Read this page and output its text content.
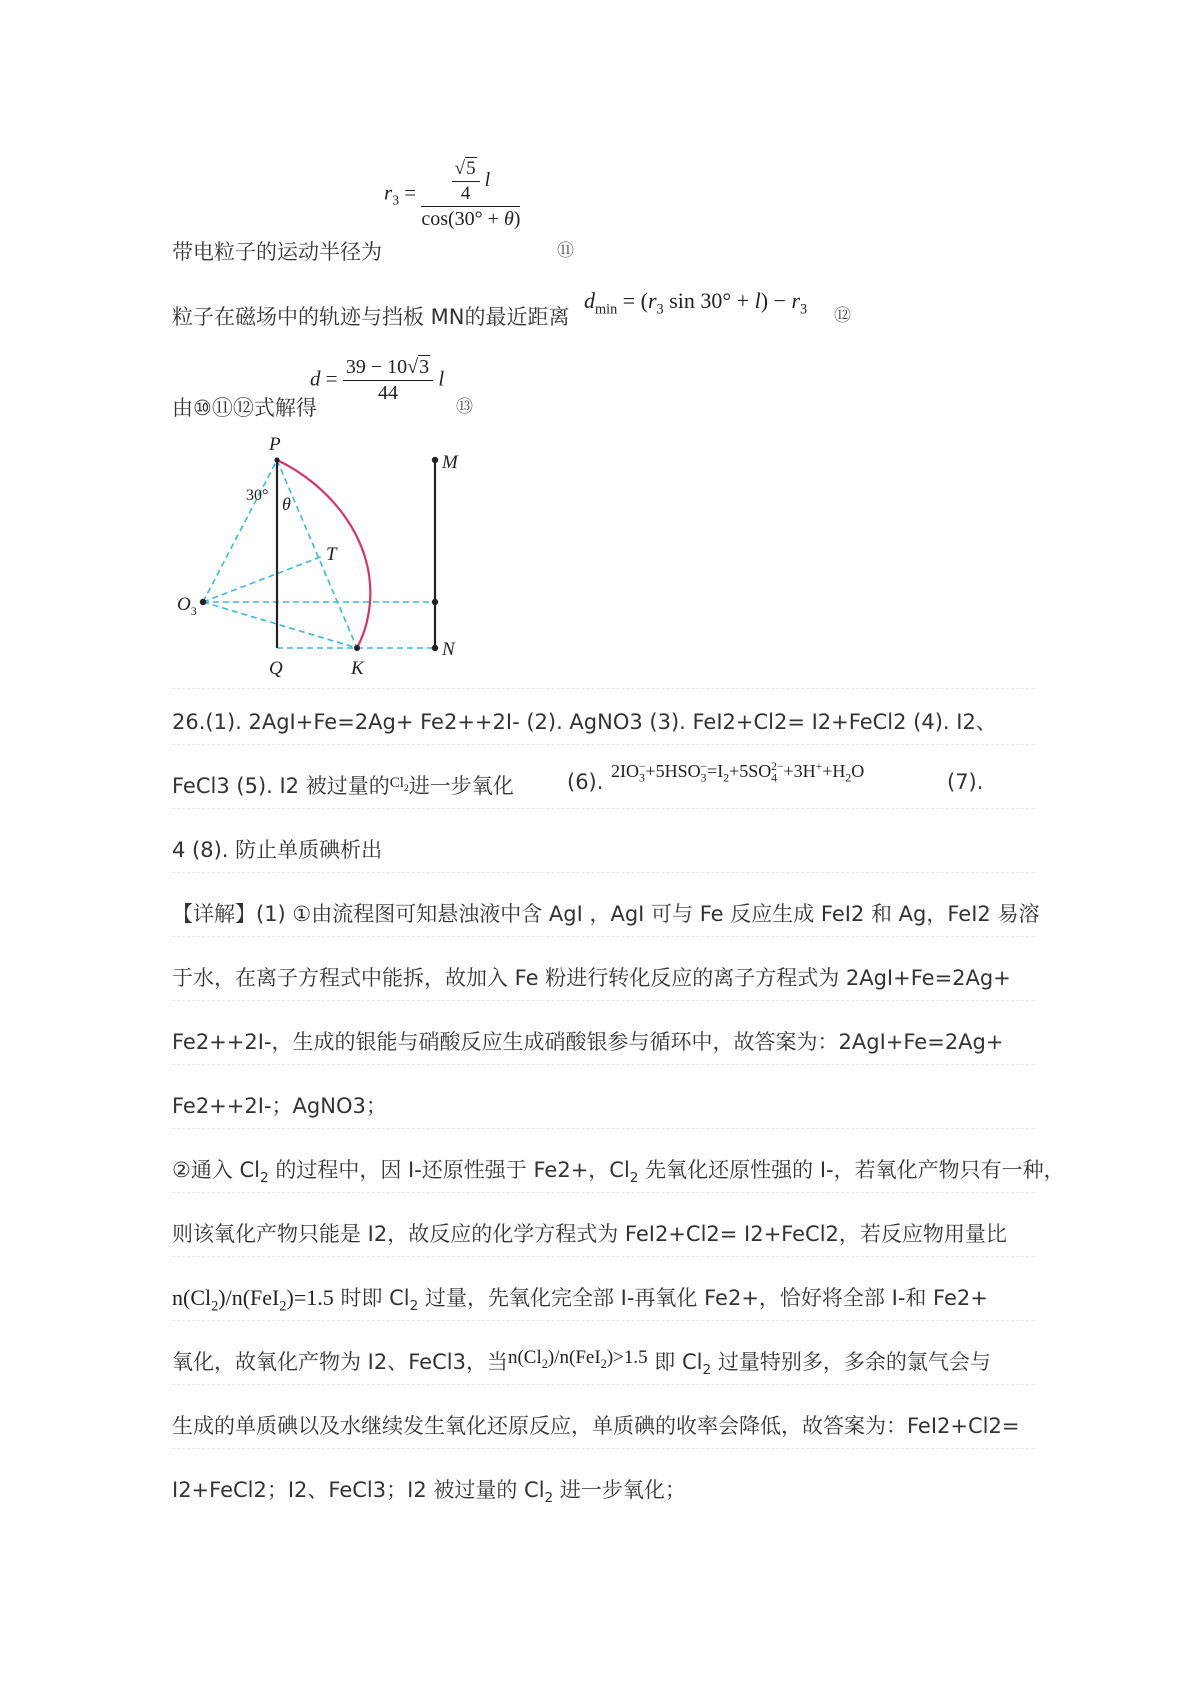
带电粒子的运动半径为
$r_3 = \frac{\frac{√5}{4} l}{\cos(30^\circ + \theta)}$
⑪
粒子在磁场中的轨迹与挡板 MN的最近距离
$d_{min} = (r_3$ $\sin 30^\circ + l) - r_3$ ⑫
由⑩⑪⑫式解得
$d = \frac{39 - 10√3}{44}$ l
⑬
P
M
T
$O_3$
Q	K
N
30° θ
26.(1). 2AgI+Fe=2Ag+ Fe2++2I- (2). AgNO3 (3). FeI2+Cl2= I2+FeCl2 (4). I2、
FeCl3 (5). I2 被过量的$^{Cl_2}$进一步氧化	(6). $2IO_3^-+5HSO_3^-=I_2+5SO_4^{2-}+3H^++H_2O$	(7).
4 (8). 防止单质碘析出
【详解】(1) ①由流程图可知悬浊液中含 AgI ，AgI 可与 Fe 反应生成 FeI2 和 Ag，FeI2 易溶
于水，在离子方程式中能拆，故加入 Fe 粉进行转化反应的离子方程式为 2AgI+Fe=2Ag+
Fe2++2I-，生成的银能与硝酸反应生成硝酸银参与循环中，故答案为：2AgI+Fe=2Ag+
Fe2++2I-；AgNO3；
②通入 $Cl_2$ 的过程中，因 I-还原性强于 Fe2+，$Cl_2$ 先氧化还原性强的 I-，若氧化产物只有一种，
则该氧化产物只能是 I2，故反应的化学方程式为 FeI2+Cl2= I2+FeCl2，若反应物用量比
$n(Cl_2)/n(FeI_2)=1.5$ 时即 $Cl_2$ 过量，先氧化完全部 I-再氧化 Fe2+，恰好将全部 I-和 Fe2+
氧化，故氧化产物为 I2、FeCl3，当$n(Cl_2)/n(FeI_2)>1.5$ 即 $Cl_2$ 过量特别多，多余的氯气会与
生成的单质碘以及水继续发生氧化还原反应，单质碘的收率会降低，故答案为：FeI2+Cl2=
I2+FeCl2；I2、FeCl3；I2 被过量的 $Cl_2$ 进一步氧化；
